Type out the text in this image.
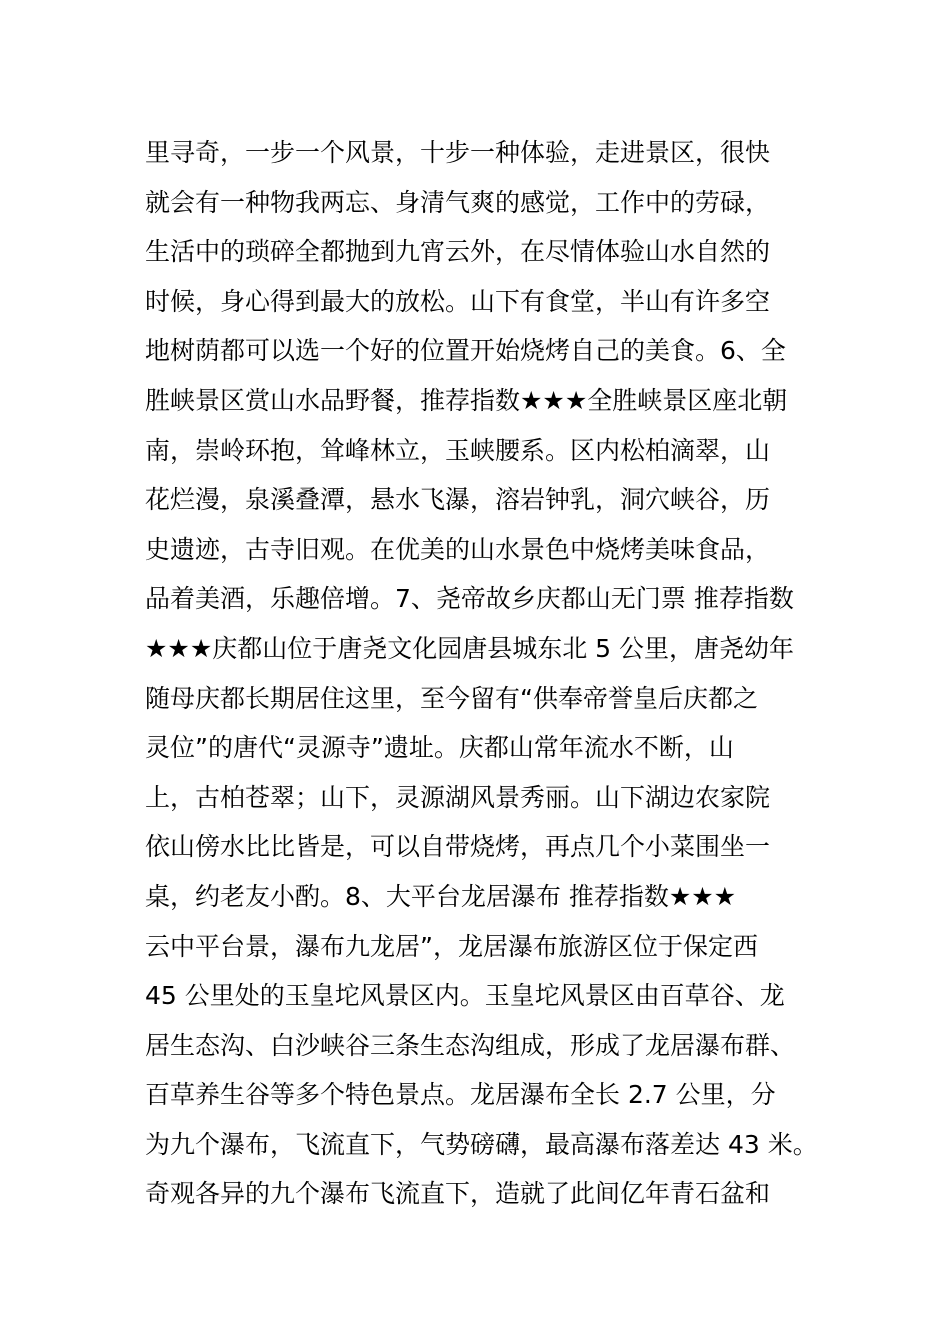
里寻奇，一步一个风景，十步一种体验，走进景区，很快
就会有一种物我两忘、身清气爽的感觉，工作中的劳碌，
生活中的琐碎全都抛到九宵云外，在尽情体验山水自然的
时候，身心得到最大的放松。山下有食堂，半山有许多空
地树荫都可以选一个好的位置开始烧烤自己的美食。6、全
胜峡景区赏山水品野餐，推荐指数★★★全胜峡景区座北朝
南，崇岭环抱，耸峰林立，玉峡腰系。区内松柏滴翠，山
花烂漫，泉溪叠潭，悬水飞瀑，溶岩钟乳，洞穴峡谷，历
史遗迹，古寺旧观。在优美的山水景色中烧烤美味食品，
品着美酒，乐趣倍增。7、尧帝故乡庆都山无门票 推荐指数
★★★庆都山位于唐尧文化园唐县城东北 5 公里，唐尧幼年
随母庆都长期居住这里，至今留有“供奉帝誉皇后庆都之
灵位”的唐代“灵源寺”遗址。庆都山常年流水不断，山
上，古柏苍翠；山下，灵源湖风景秀丽。山下湖边农家院
依山傍水比比皆是，可以自带烧烤，再点几个小菜围坐一
桌，约老友小酌。8、大平台龙居瀑布 推荐指数★★★
云中平台景，瀑布九龙居”，龙居瀑布旅游区位于保定西
45 公里处的玉皇坨风景区内。玉皇坨风景区由百草谷、龙
居生态沟、白沙峡谷三条生态沟组成，形成了龙居瀑布群、
百草养生谷等多个特色景点。龙居瀑布全长 2.7 公里，分
为九个瀑布，飞流直下，气势磅礴，最高瀑布落差达 43 米。
奇观各异的九个瀑布飞流直下，造就了此间亿年青石盆和
